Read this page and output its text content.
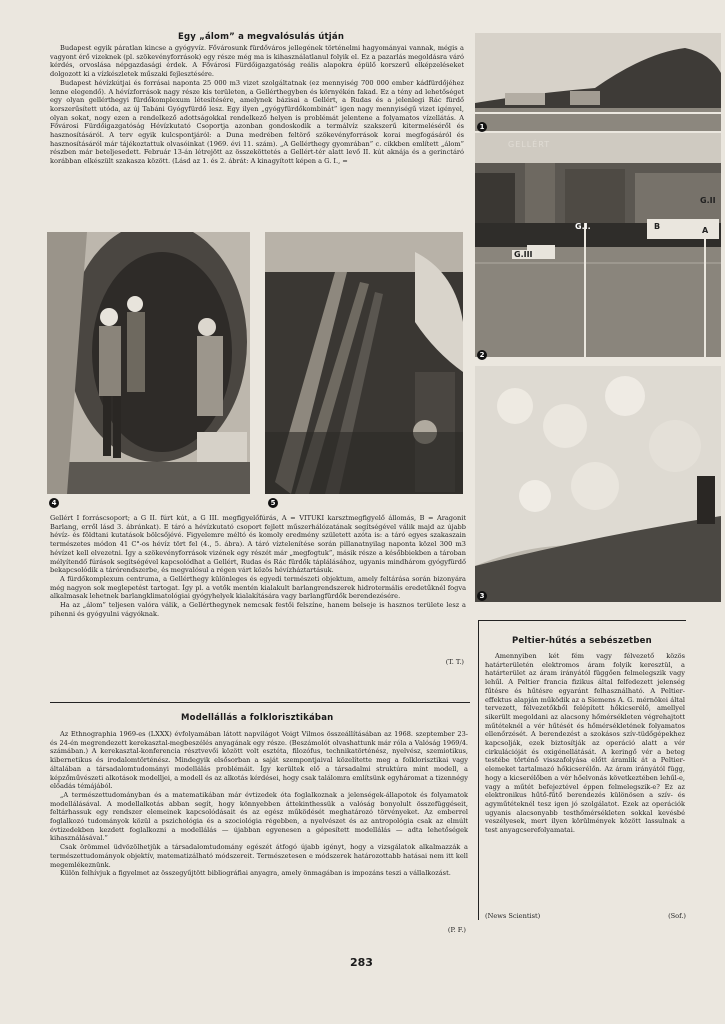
Egy „álom” a megvalósulás útján

Budapest egyik páratlan kincse a gyógyvíz. Fővárosunk fürdőváros jellegének történelmi hagyományai vannak, mégis a vagyont érő vizeknek (pl. szökevényforrások) egy része még ma is kihasználatlanul folyik el. Ez a pazarlás megoldásra váró kérdés, orvoslása népgazdasági érdek. A Fővárosi Fürdőigazgatóság reális alapokra épülő korszerű elképzeléseket dolgozott ki a vízkészletek műszaki fejlesztésére.

Budapest hévízkútjai és forrásai naponta 25 000 m3 vizet szolgáltatnak (ez mennyiség 700 000 ember kádfürdőjéhez lenne elegendő). A hévízforrások nagy része kis területen, a Gellérthegyben és környékén fakad. Ez a tény ad lehetőséget egy olyan gellérthegyi fürdőkomplexum létesítésére, amelynek bázisai a Gellért, a Rudas és a jelenlegi Rác fürdő korszerűsített utóda, az új Tabáni Gyógyfürdő lesz. Egy ilyen „gyógyfürdőkombinát” igen nagy mennyiségű vizet igényel, olyan sokat, nogy ezen a rendelkező adottságokkal rendelkező helyen is problémát jelentene a folyamatos vízellátás. A Fővárosi Fürdőigazgatóság Hévízkutató Csoportja azonban gondoskodik a termálvíz szakszerű kitermeléséről és hasznosításáról. A terv egyik kulcspontjáról: a Duna medrében feltörő szökevényforrások korai megfogásáról és hasznosításáról már tájékoztattuk olvasóinkat (1969. évi 11. szám). „A Gellérthegy gyomrában” c. cikkben említett „álom” részben már beteljesedett. Február 13-án létrejött az összeköttetés a Gellért-tér alatt levő II. kút aknája és a gerinctáró korábban elkészült szakasza között. (Lásd az 1. és 2. ábrát: A kinagyított képen a G. I., =

4	5

Gellért I forráscsoport; a G II. fúrt kút, a G III. megfigyelőfúrás, A = VITUKI karsztmegfigyelő állomás, B = Aragonit Barlang, erről lásd 3. ábránkat). E táró a hévízkutató csoport fejlett műszerhálózatának segítségével válik majd az újabb hévíz- és földtani kutatások bölcsőjévé. Figyelemre méltó és komoly eredmény született azóta is: a táró egyes szakaszain természetes módon 41 C°-os hévíz tört fel (4., 5. ábra). A táró víztelenítése során pillanatnyilag naponta közel 300 m3 hévízet kell elvezetni. Így a szökevényforrások vizének egy részét már „megfogtuk”, másik része a későbbiekben a tároban mélyítendő fúrások segítségével kapcsolódhat a Gellért, Rudas és Rác fürdők táplálásához, ugyanis mindhárom gyógyfürdő bekapcsolódik a tárórendszerbe, és megvalósul a régen várt közös hévízháztartásuk.

A fürdőkomplexum centruma, a Gellérthegy különleges és egyedi természeti objektum, amely feltárása során bizonyára még nagyon sok meglepetést tartogat. Így pl. a vetők mentén kialakult barlangrendszerek hidrotermális eredetűknél fogva alkalmasak lehetnek barlangklimatológiai gyógyhelyek kialakítására vagy barlangfürdők berendezésére.

Ha az „álom” teljesen valóra válik, a Gellérthegynek nemcsak festői felszíne, hanem belseje is hasznos területe lesz a pihenni és gyógyulni vágyóknak.

(T. T.)
1
GELLÉRT
G.I.	B
G.II
G.III
A
2
3
Peltier-hűtés a sebészetben

Amennyiben két fém vagy félvezető közös határterületén elektromos áram folyik keresztül, a határterület az áram irányától függően felmelegszik vagy lehűl. A Peltier francia fizikus által felfedezett jelenség fűtésre és hűtésre egyaránt felhasználható. A Peltier-effektus alapján működik az a Siemens A. G. mérnökei által tervezett, félvezetőkből felépített hőkicserélő, amellyel sikerült megoldani az alacsony hőmérsékleten végrehajtott műtéteknél a vér hűtését és hőmérsékletének folyamatos ellenőrzését. A berendezést a szokásos szív-tüdőgépekhez kapcsolják, ezek biztosítják az operáció alatt a vér cirkulációját és oxigénellátását. A keringő vér a beteg testébe történő visszafolyása előtt áramlik át a Peltier-elemeket tartalmazó hőkicserélőn. Az áram irányától függ, hogy a kicserélőben a vér hőelvonás következtében lehűl-e, vagy a műtét befejeztével éppen felmelegszik-e? Ez az elektronikus hűtő-fűtő berendezés különösen a szív- és agyműtéteknél tesz igen jó szolgálatot. Ezek az operációk ugyanis alacsonyabb testhőmérsékleten sokkal kevésbé veszélyesek, mert ilyen körülmények között lassulnak a test anyagcserefolyamatai.

(News Scientist)	(Sof.)
Modellállás a folklorisztikában

Az Ethnographia 1969-es (LXXX) évfolyamában látott napvilágot Voigt Vilmos összeállításában az 1968. szeptember 23- és 24-én megrendezett kerekasztal-megbeszélés anyagának egy része. (Beszámolót olvashattunk már róla a Valóság 1969/4. számában.) A kerekasztal-konferencia résztvevői között volt esztéta, filozófus, technikatörténész, nyelvész, szemiotikus, kibernetikus és irodalomtörténész. Mindegyik elsősorban a saját szempontjaival közelítette meg a folklorisztikai vagy általában a társadalomtudományi modellálás problémáit. Így kerültek elő a társadalmi struktúra mint modell, a képzőművészeti alkotások modelljei, a modell és az alkotás kérdései, hogy csak találomra említsünk egyháromat a tizennégy előadás témájából.

„A természettudományban és a matematikában már évtizedek óta foglalkoznak a jelenségek-állapotok és folyamatok modellálásával. A modellalkotás abban segít, hogy könnyebben áttekinthessük a valóság bonyolult összefüggéseit, feltárhassuk egy rendszer elemeinek kapcsolódásait és az egész működését meghatározó törvényeket. Az emberrel foglalkozó tudományok közül a pszichológia és a szociológia régebben, a nyelvészet és az antropológia csak az elmúlt évtizedekben kezdett foglalkozni a modellálás — újabban egyenesen a gépesített modellálás — adta lehetőségek kihasználásával.”

Csak örömmel üdvözölhetjük a társadalomtudomány egészét átfogó újabb igényt, hogy a vizsgálatok alkalmazzák a természettudományok objektív, matematizálható módszereit. Természetesen e módszerek határozottabb hatásai nem itt kell megemlékeznünk.

Külön felhívjuk a figyelmet az összegyűjtött bibliográfiai anyagra, amely önmagában is impozáns teszi a vállalkozást.

(P. F.)
283
